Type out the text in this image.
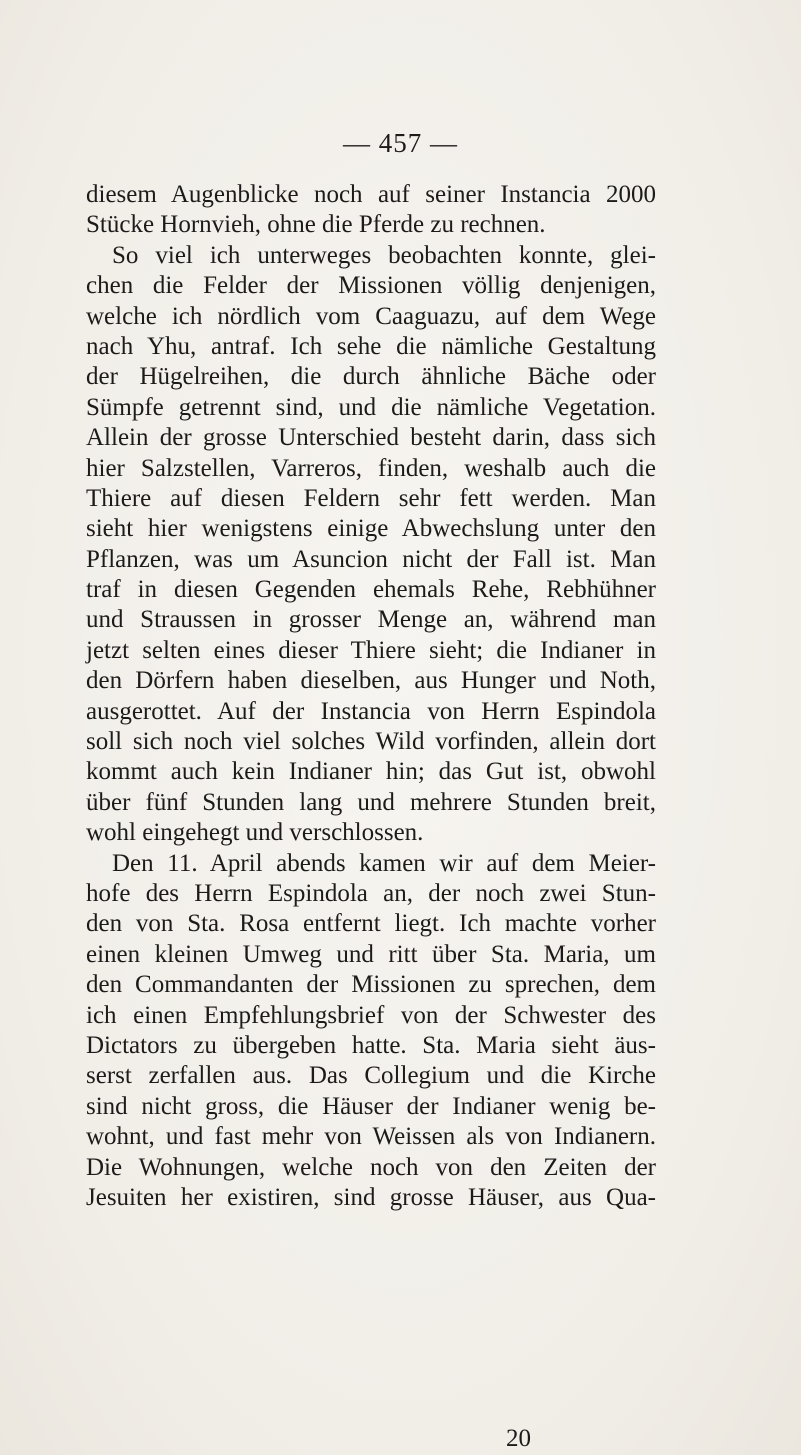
— 457 —
diesem Augenblicke noch auf seiner Instancia 2000
Stücke Hornvieh, ohne die Pferde zu rechnen.
So viel ich unterweges beobachten konnte, glei-
chen die Felder der Missionen völlig denjenigen,
welche ich nördlich vom Caaguazu, auf dem Wege
nach Yhu, antraf. Ich sehe die nämliche Gestaltung
der Hügelreihen, die durch ähnliche Bäche oder
Sümpfe getrennt sind, und die nämliche Vegetation.
Allein der grosse Unterschied besteht darin, dass sich
hier Salzstellen, Varreros, finden, weshalb auch die
Thiere auf diesen Feldern sehr fett werden. Man
sieht hier wenigstens einige Abwechslung unter den
Pflanzen, was um Asuncion nicht der Fall ist. Man
traf in diesen Gegenden ehemals Rehe, Rebhühner
und Straussen in grosser Menge an, während man
jetzt selten eines dieser Thiere sieht; die Indianer in
den Dörfern haben dieselben, aus Hunger und Noth,
ausgerottet. Auf der Instancia von Herrn Espindola
soll sich noch viel solches Wild vorfinden, allein dort
kommt auch kein Indianer hin; das Gut ist, obwohl
über fünf Stunden lang und mehrere Stunden breit,
wohl eingehegt und verschlossen.
Den 11. April abends kamen wir auf dem Meier-
hofe des Herrn Espindola an, der noch zwei Stun-
den von Sta. Rosa entfernt liegt. Ich machte vorher
einen kleinen Umweg und ritt über Sta. Maria, um
den Commandanten der Missionen zu sprechen, dem
ich einen Empfehlungsbrief von der Schwester des
Dictators zu übergeben hatte. Sta. Maria sieht äus-
serst zerfallen aus. Das Collegium und die Kirche
sind nicht gross, die Häuser der Indianer wenig be-
wohnt, und fast mehr von Weissen als von Indianern.
Die Wohnungen, welche noch von den Zeiten der
Jesuiten her existiren, sind grosse Häuser, aus Qua-
20
